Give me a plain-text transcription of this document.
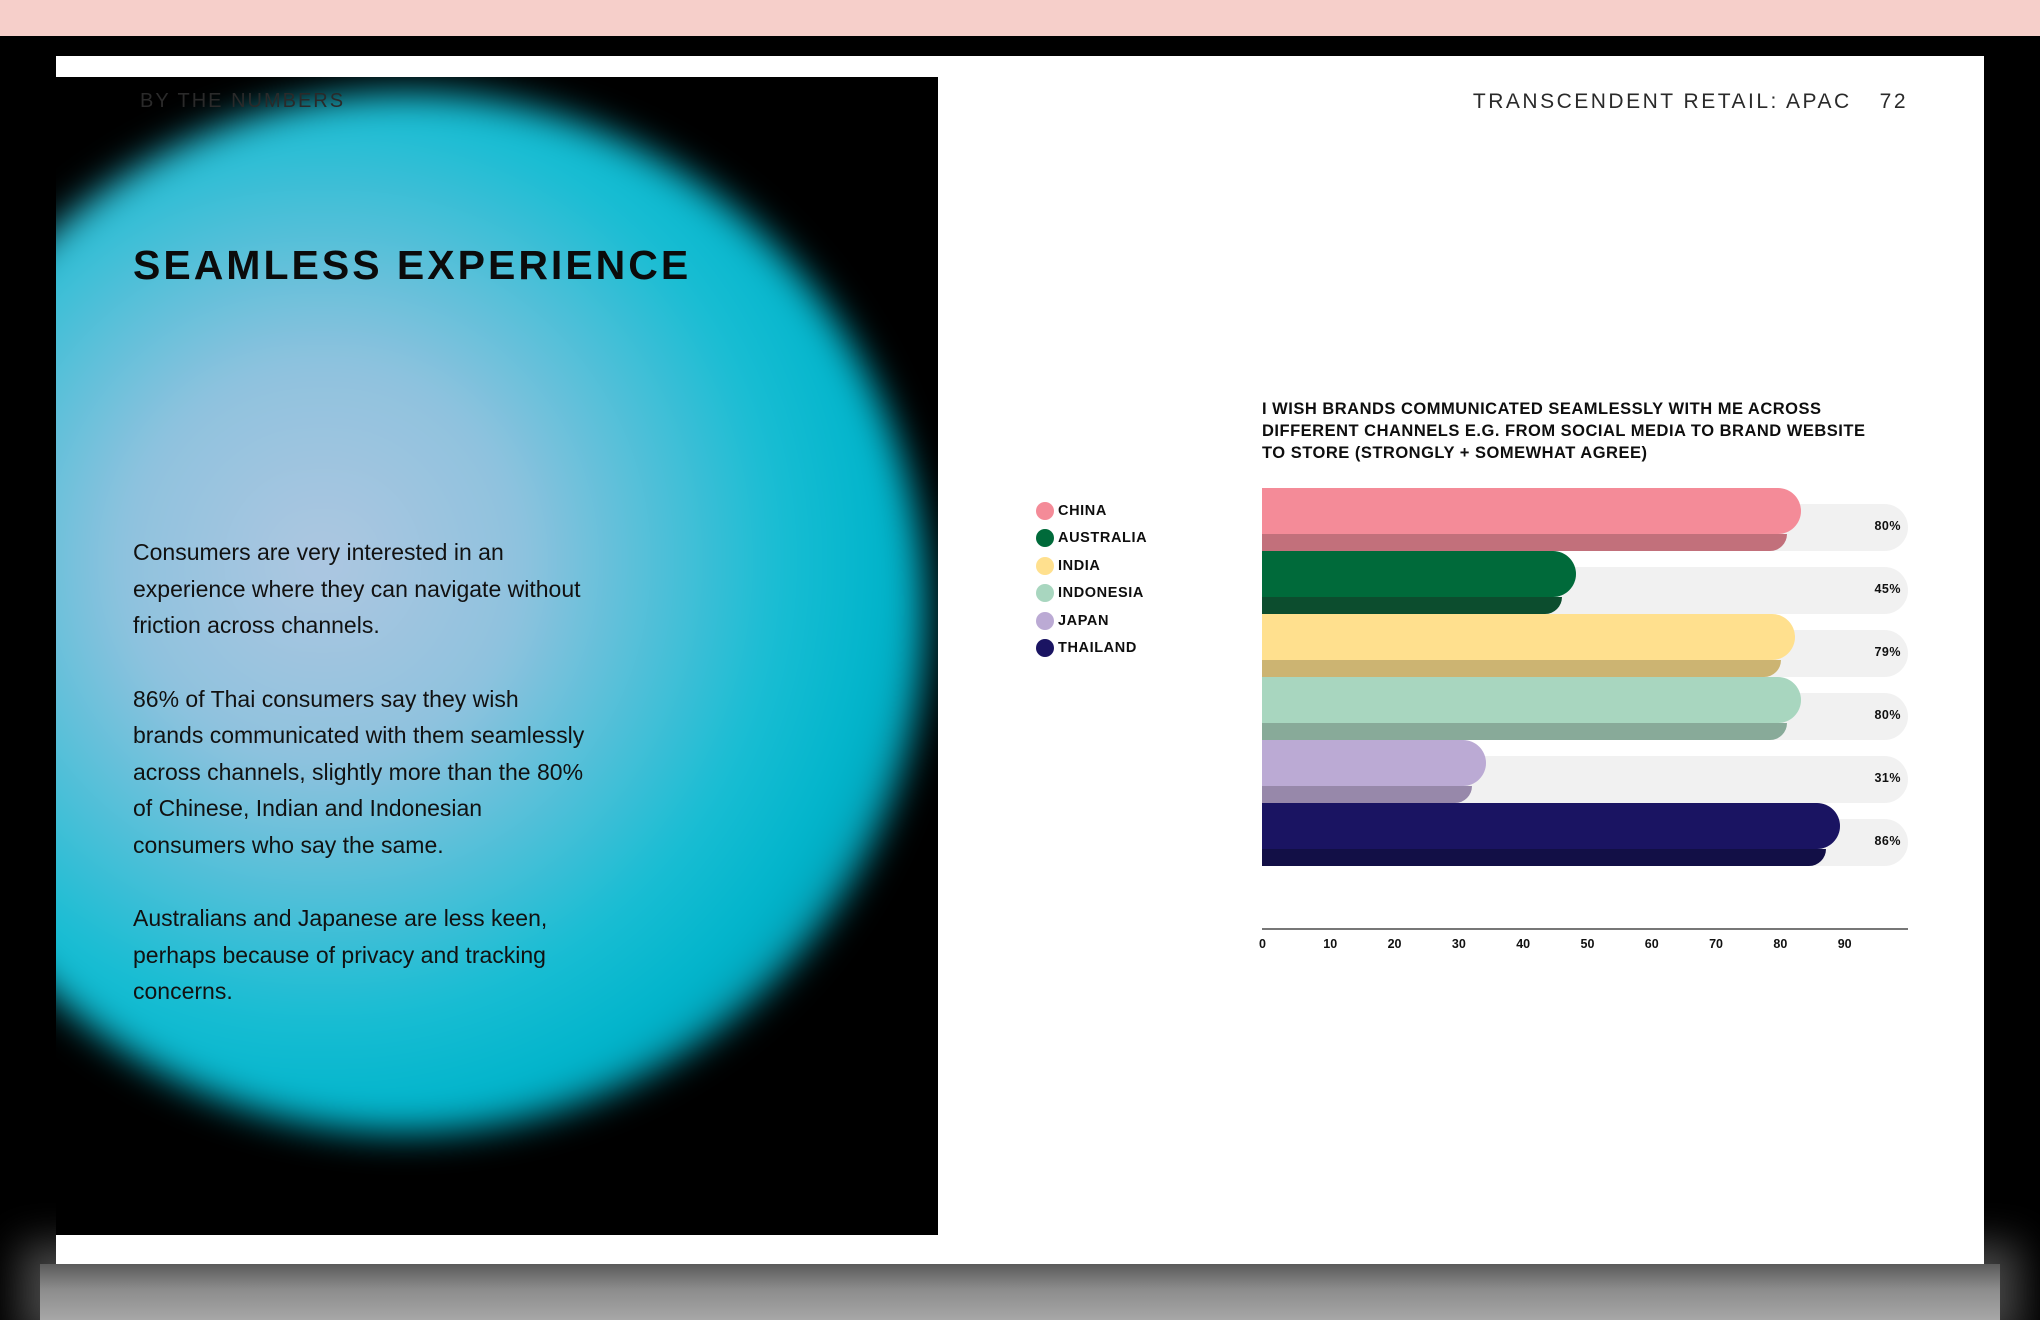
BY THE NUMBERS	TRANSCENDENT RETAIL: APAC 72
SEAMLESS EXPERIENCE

Consumers are very interested in an experience where they can navigate without friction across channels.

86% of Thai consumers say they wish brands communicated with them seamlessly across channels, slightly more than the 80% of Chinese, Indian and Indonesian consumers who say the same.

Australians and Japanese are less keen, perhaps because of privacy and tracking concerns.

I WISH BRANDS COMMUNICATED SEAMLESSLY WITH ME ACROSS DIFFERENT CHANNELS E.G. FROM SOCIAL MEDIA TO BRAND WEBSITE TO STORE (STRONGLY + SOMEWHAT AGREE)
CHINA
AUSTRALIA
INDIA
INDONESIA
JAPAN
THAILAND
80%
45%
79%
80%
31%
86%
0	10	20	30	40	50	60	70	80	90
